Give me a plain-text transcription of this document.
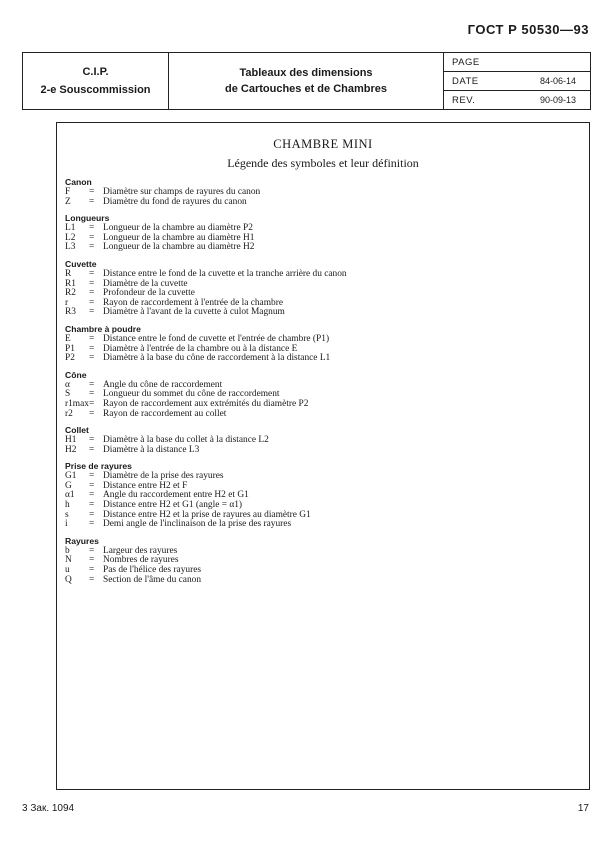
ГОСТ Р 50530—93
C.I.P.
2-e Souscommission
Tableaux des dimensions
de Cartouches et de Chambres
PAGE
DATE	84-06-14
REV.	90-09-13
CHAMBRE MINI
Légende des symboles et leur définition
Canon
F	= Diamètre sur champs de rayures du canon
Z	= Diamètre du fond de rayures du canon
Longueurs
L1	= Longueur de la chambre au diamètre P2
L2	= Longueur de la chambre au diamètre H1
L3	= Longueur de la chambre au diamètre H2
Cuvette
R	= Distance entre le fond de la cuvette et la tranche arrière du canon
R1	= Diamètre de la cuvette
R2	= Profondeur de la cuvette
r	= Rayon de raccordement à l'entrée de la chambre
R3	= Diamètre à l'avant de la cuvette à culot Magnum
Chambre à poudre
E	= Distance entre le fond de cuvette et l'entrée de chambre (P1)
P1	= Diamètre à l'entrée de la chambre ou à la distance E
P2	= Diamètre à la base du cône de raccordement à la distance L1
Cône
α	= Angle du cône de raccordement
S	= Longueur du sommet du cône de raccordement
r1max = Rayon de raccordement aux extrémités du diamètre P2
r2	= Rayon de raccordement au collet
Collet
H1	= Diamètre à la base du collet à la distance L2
H2	= Diamètre à la distance L3
Prise de rayures
G1	= Diamètre de la prise des rayures
G	= Distance entre H2 et F
α1	= Angle du raccordement entre H2 et G1
h	= Distance entre H2 et G1 (angle = α1)
s	= Distance entre H2 et la prise de rayures au diamètre G1
i	= Demi angle de l'inclinaison de la prise des rayures
Rayures
b	= Largeur des rayures
N	= Nombres de rayures
u	= Pas de l'hélice des rayures
Q	= Section de l'âme du canon
3 Зак. 1094	17
